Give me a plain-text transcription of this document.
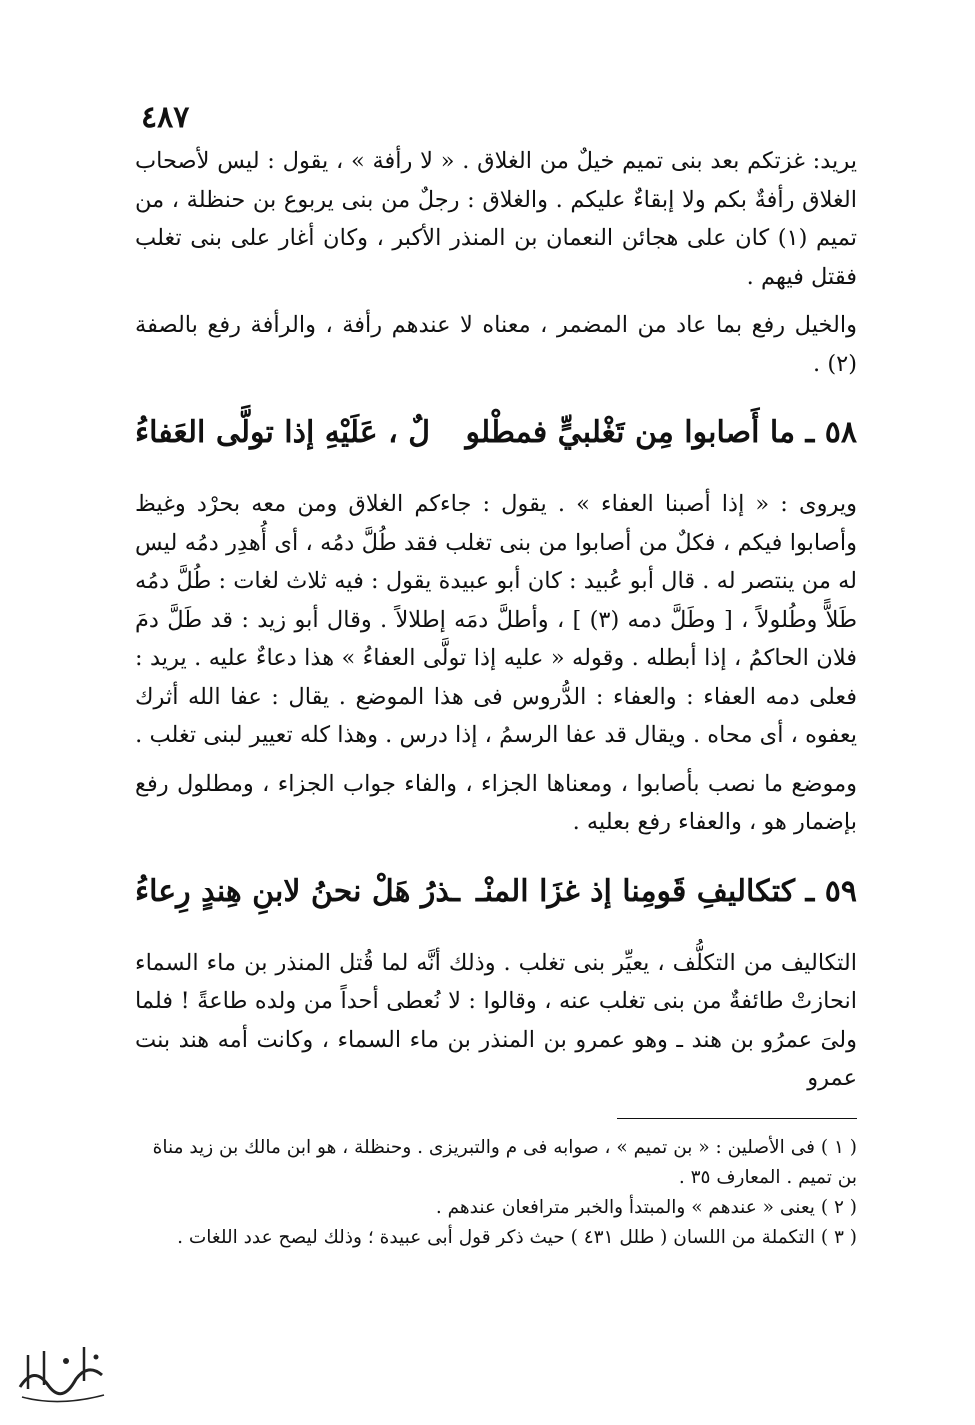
٤٨٧

يريد: غزتكم بعد بنى تميم خيلٌ من الغلاق . « لا رأفة » ، يقول : ليس لأصحاب الغلاق رأفةٌ بكم ولا إبقاءٌ عليكم . والغلاق : رجلٌ من بنى يربوع بن حنظلة ، من تميم (١) كان على هجائن النعمان بن المنذر الأكبر ، وكان أغار على بنى تغلب فقتل فيهم .

والخيل رفع بما عاد من المضمر ، معناه لا عندهم رأفة ، والرأفة رفع بالصفة (٢) .

٥٨ ـ ما أَصابوا مِن تَغْلبيٍّ فمطْلو
لٌ ، عَلَيْهِ إذا تولَّى العَفاءُ

ويروى : « إذا أصبنا العفاء » . يقول : جاءكم الغلاق ومن معه بحرْد وغيظ وأصابوا فيكم ، فكلٌ من أصابوا من بنى تغلب فقد طُلَّ دمُه ، أى أُهدِر دمُه ليس له من ينتصر له . قال أبو عُبيد : كان أبو عبيدة يقول : فيه ثلاث لغات : طُلَّ دمُه طَلاًّ وطُلولاً ، [ وطَلَّ دمه (٣) ] ، وأطلَّ دمَه إطلالاً . وقال أبو زيد : قد طَلَّ دمَ فلان الحاكمُ ، إذا أبطله . وقوله « عليه إذا تولَّى العفاءُ » هذا دعاءٌ عليه . يريد : فعلى دمه العفاء : والعفاء : الدُّروس فى هذا الموضع . يقال : عفا الله أثرك يعفوه ، أى محاه . ويقال قد عفا الرسمُ ، إذا درس . وهذا كله تعيير لبنى تغلب .

وموضع ما نصب بأصابوا ، ومعناها الجزاء ، والفاء جواب الجزاء ، ومطلول رفع بإضمار هو ، والعفاء رفع بعليه .

٥٩ ـ كتكاليفِ قَومِنا إذ غزَا المنْـ
ـذرُ هَلْ نحنُ لابنِ هِندٍ رِعاءُ

التكاليف من التكلُّف ، يعيِّر بنى تغلب . وذلك أنَّه لما قُتل المنذر بن ماء السماء انحازتْ طائفةٌ من بنى تغلب عنه ، وقالوا : لا نُعطى أحداً من ولده طاعةً ! فلما ولىَ عمرُو بن هند ـ وهو عمرو بن المنذر بن ماء السماء ، وكانت أمه هند بنت عمرو

( ١ ) فى الأصلين : « بن تميم » ، صوابه فى م والتبريزى . وحنظلة ، هو ابن مالك بن زيد مناة بن تميم . المعارف ٣٥ .

( ٢ ) يعنى « عندهم » والمبتدأ والخبر مترافعان عندهم .

( ٣ ) التكملة من اللسان ( طلل ٤٣١ ) حيث ذكر قول أبى عبيدة ؛ وذلك ليصح عدد اللغات .
